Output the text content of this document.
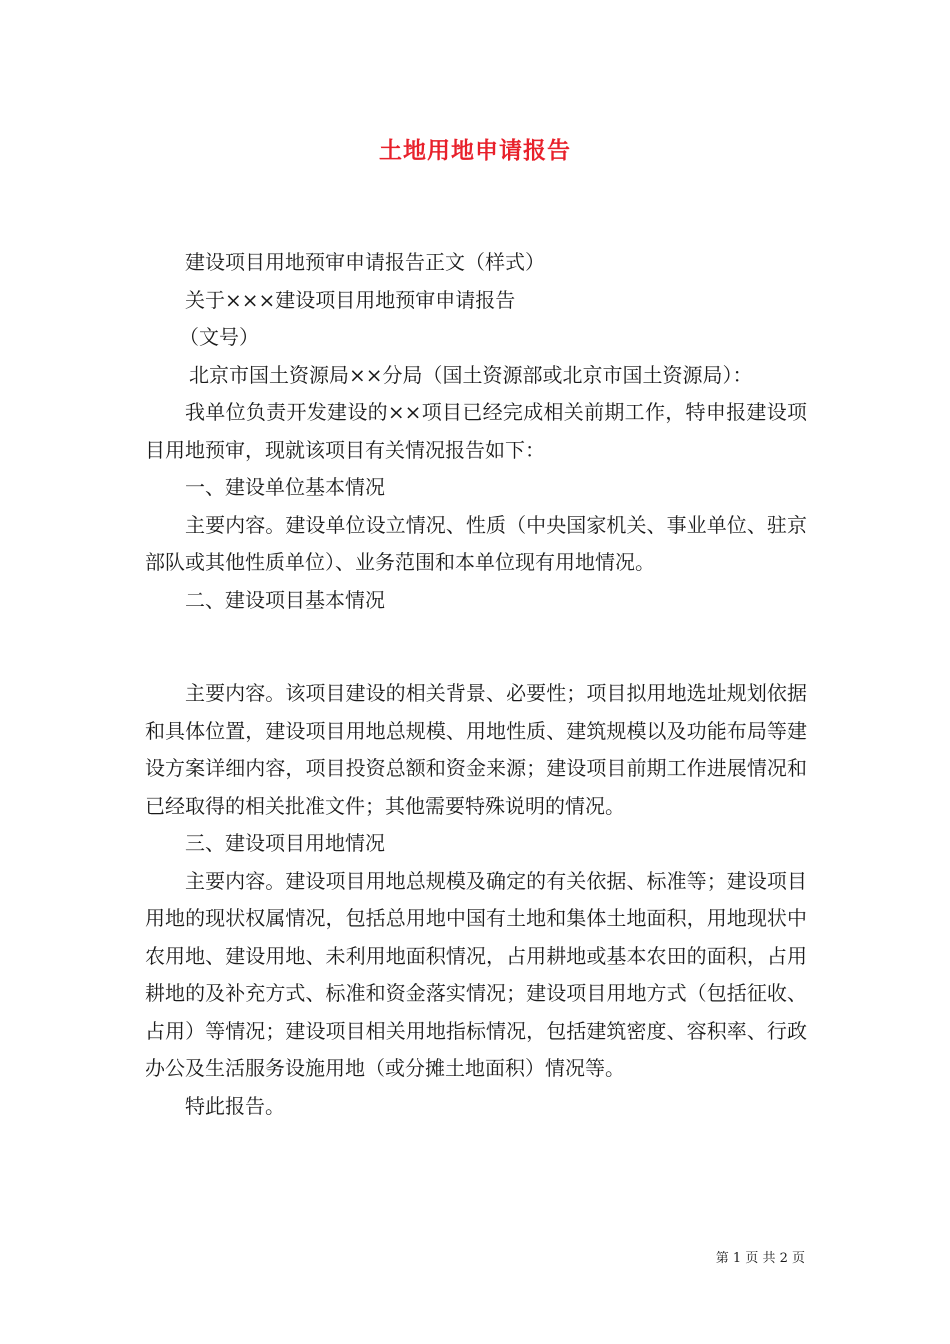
土地用地申请报告

建设项目用地预审申请报告正文（样式）

关于×××建设项目用地预审申请报告

（文号）

北京市国土资源局××分局（国土资源部或北京市国土资源局）：

我单位负责开发建设的××项目已经完成相关前期工作，特申报建设项目用地预审，现就该项目有关情况报告如下：

一、建设单位基本情况

主要内容。建设单位设立情况、性质（中央国家机关、事业单位、驻京部队或其他性质单位）、业务范围和本单位现有用地情况。

二、建设项目基本情况

主要内容。该项目建设的相关背景、必要性；项目拟用地选址规划依据和具体位置，建设项目用地总规模、用地性质、建筑规模以及功能布局等建设方案详细内容，项目投资总额和资金来源；建设项目前期工作进展情况和已经取得的相关批准文件；其他需要特殊说明的情况。

三、建设项目用地情况

主要内容。建设项目用地总规模及确定的有关依据、标准等；建设项目用地的现状权属情况，包括总用地中国有土地和集体土地面积，用地现状中农用地、建设用地、未利用地面积情况，占用耕地或基本农田的面积，占用耕地的及补充方式、标准和资金落实情况；建设项目用地方式（包括征收、占用）等情况；建设项目相关用地指标情况，包括建筑密度、容积率、行政办公及生活服务设施用地（或分摊土地面积）情况等。

特此报告。

第 1 页 共 2 页
